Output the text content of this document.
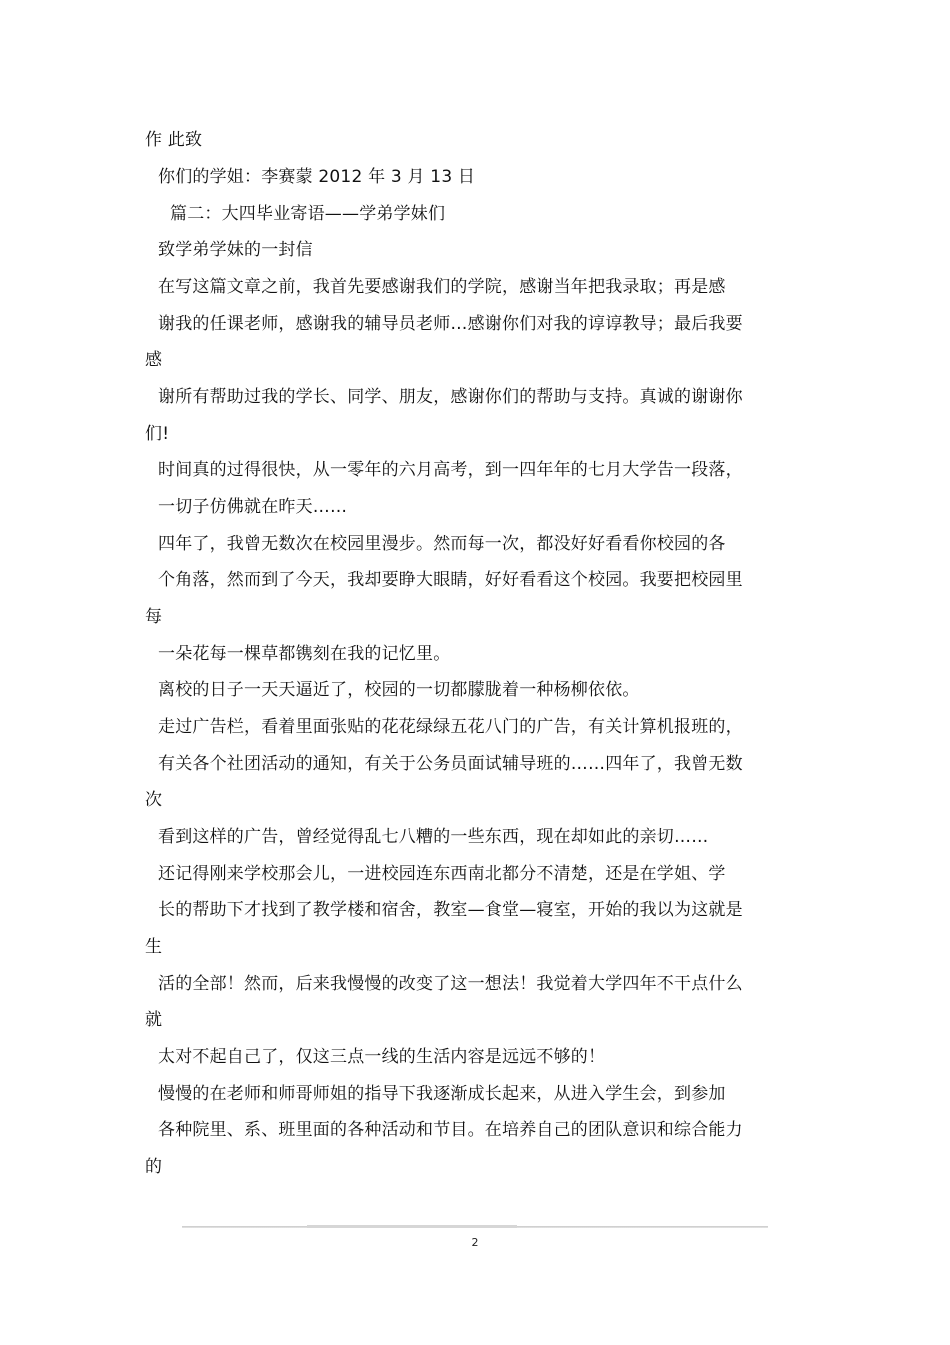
作 此致
你们的学姐：李赛蒙 2012 年 3 月 13 日
篇二：大四毕业寄语——学弟学妹们
致学弟学妹的一封信
在写这篇文章之前，我首先要感谢我们的学院，感谢当年把我录取；再是感
谢我的任课老师，感谢我的辅导员老师…感谢你们对我的谆谆教导；最后我要
感
谢所有帮助过我的学长、同学、朋友，感谢你们的帮助与支持。真诚的谢谢你
们!
时间真的过得很快，从一零年的六月高考，到一四年年的七月大学告一段落，
一切子仿佛就在昨天……
四年了，我曾无数次在校园里漫步。然而每一次，都没好好看看你校园的各
个角落，然而到了今天，我却要睁大眼睛，好好看看这个校园。我要把校园里
每
一朵花每一棵草都镌刻在我的记忆里。
离校的日子一天天逼近了，校园的一切都朦胧着一种杨柳依依。
走过广告栏，看着里面张贴的花花绿绿五花八门的广告，有关计算机报班的，
有关各个社团活动的通知，有关于公务员面试辅导班的……四年了，我曾无数
次
看到这样的广告，曾经觉得乱七八糟的一些东西，现在却如此的亲切……
还记得刚来学校那会儿，一进校园连东西南北都分不清楚，还是在学姐、学
长的帮助下才找到了教学楼和宿舍，教室—食堂—寝室，开始的我以为这就是
生
活的全部！然而，后来我慢慢的改变了这一想法！我觉着大学四年不干点什么
就
太对不起自己了，仅这三点一线的生活内容是远远不够的！
慢慢的在老师和师哥师姐的指导下我逐渐成长起来，从进入学生会，到参加
各种院里、系、班里面的各种活动和节目。在培养自己的团队意识和综合能力
的
2
